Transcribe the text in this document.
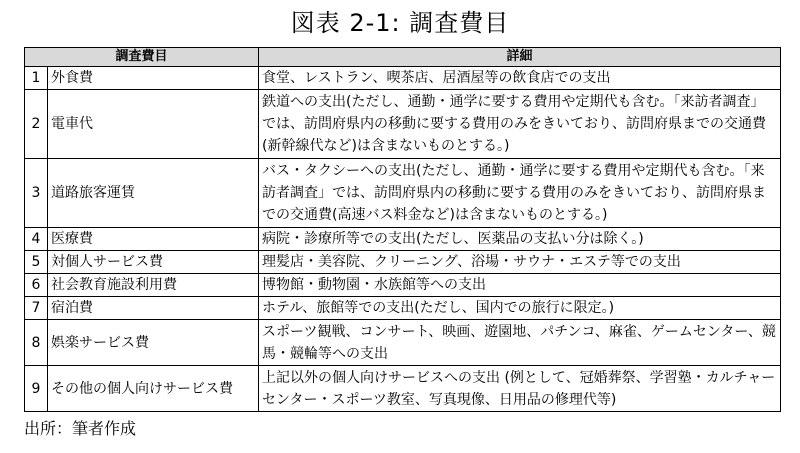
図表 2-1: 調査費目
調査費目		詳細
1	外食費	食堂、レストラン、喫茶店、居酒屋等の飲食店での支出
2	電車代	鉄道への支出(ただし、通勤・通学に要する費用や定期代も含む。「来訪者調査」では、訪問府県内の移動に要する費用のみをきいており、訪問府県までの交通費(新幹線代など)は含まないものとする。)
3	道路旅客運賃	バス・タクシーへの支出(ただし、通勤・通学に要する費用や定期代も含む。「来訪者調査」では、訪問府県内の移動に要する費用のみをきいており、訪問府県までの交通費(高速バス料金など)は含まないものとする。)
4	医療費	病院・診療所等での支出(ただし、医薬品の支払い分は除く。)
5	対個人サービス費	理髪店・美容院、クリーニング、浴場・サウナ・エステ等での支出
6	社会教育施設利用費	博物館・動物園・水族館等への支出
7	宿泊費	ホテル、旅館等での支出(ただし、国内での旅行に限定。)
8	娯楽サービス費	スポーツ観戦、コンサート、映画、遊園地、パチンコ、麻雀、ゲームセンター、競馬・競輪等への支出
9	その他の個人向けサービス費	上記以外の個人向けサービスへの支出 (例として、冠婚葬祭、学習塾・カルチャーセンター・スポーツ教室、写真現像、日用品の修理代等)
出所：筆者作成
